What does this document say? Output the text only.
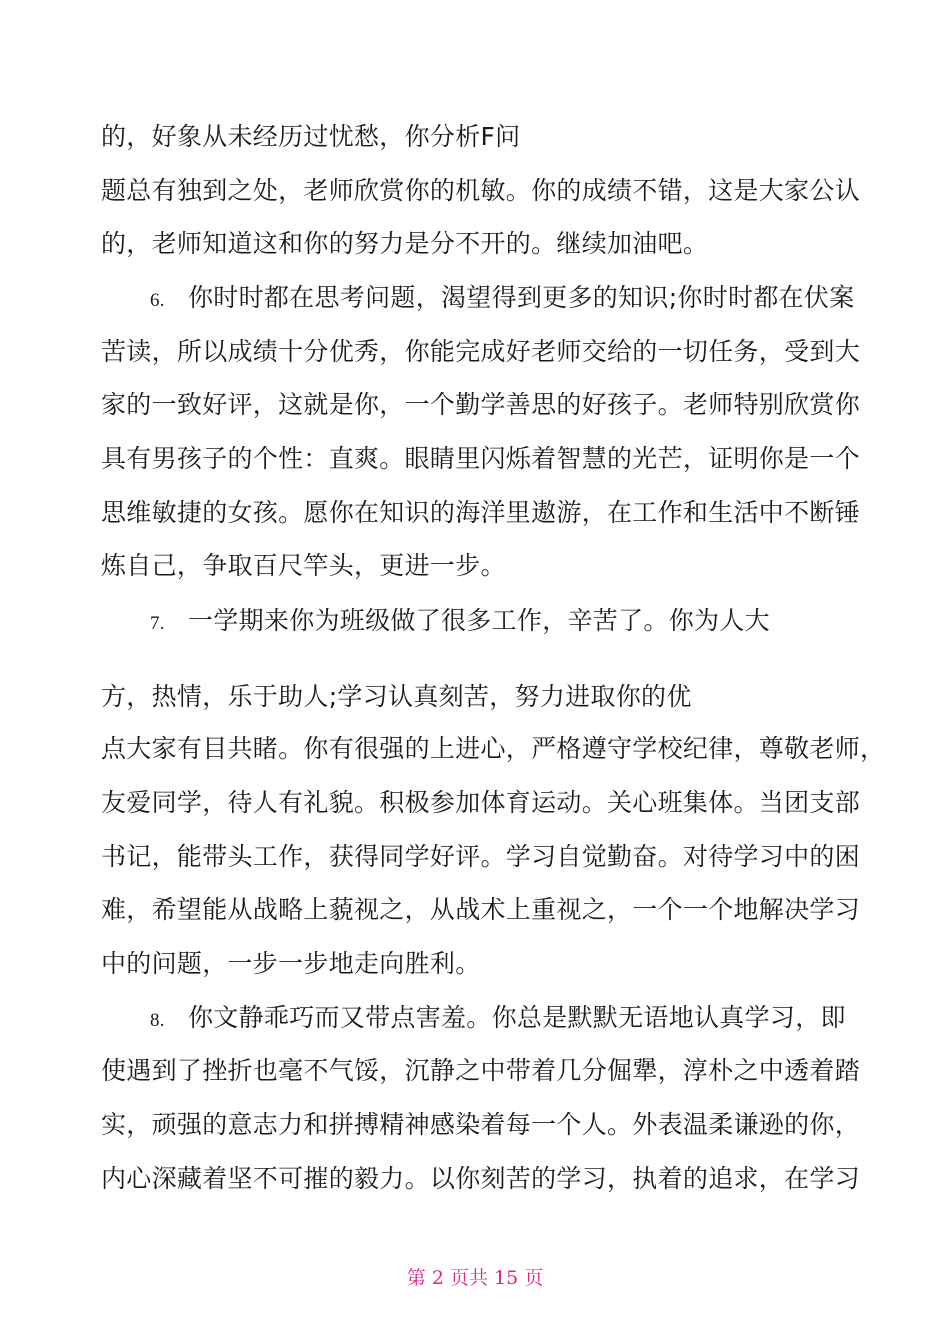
的，好象从未经历过忧愁，你分析F问
题总有独到之处，老师欣赏你的机敏。你的成绩不错，这是大家公认
的，老师知道这和你的努力是分不开的。继续加油吧。
6. 你时时都在思考问题，渴望得到更多的知识;你时时都在伏案
苦读，所以成绩十分优秀，你能完成好老师交给的一切任务，受到大
家的一致好评，这就是你，一个勤学善思的好孩子。老师特别欣赏你
具有男孩子的个性：直爽。眼睛里闪烁着智慧的光芒，证明你是一个
思维敏捷的女孩。愿你在知识的海洋里遨游，在工作和生活中不断锤
炼自己，争取百尺竿头，更进一步。
7. 一学期来你为班级做了很多工作，辛苦了。你为人大
方，热情，乐于助人;学习认真刻苦，努力进取你的优
点大家有目共睹。你有很强的上进心，严格遵守学校纪律，尊敬老师，
友爱同学，待人有礼貌。积极参加体育运动。关心班集体。当团支部
书记，能带头工作，获得同学好评。学习自觉勤奋。对待学习中的困
难，希望能从战略上藐视之，从战术上重视之，一个一个地解决学习
中的问题，一步一步地走向胜利。
8. 你文静乖巧而又带点害羞。你总是默默无语地认真学习，即
使遇到了挫折也毫不气馁，沉静之中带着几分倔犟，淳朴之中透着踏
实，顽强的意志力和拼搏精神感染着每一个人。外表温柔谦逊的你，
内心深藏着坚不可摧的毅力。以你刻苦的学习，执着的追求，在学习
第 2 页共 15 页
